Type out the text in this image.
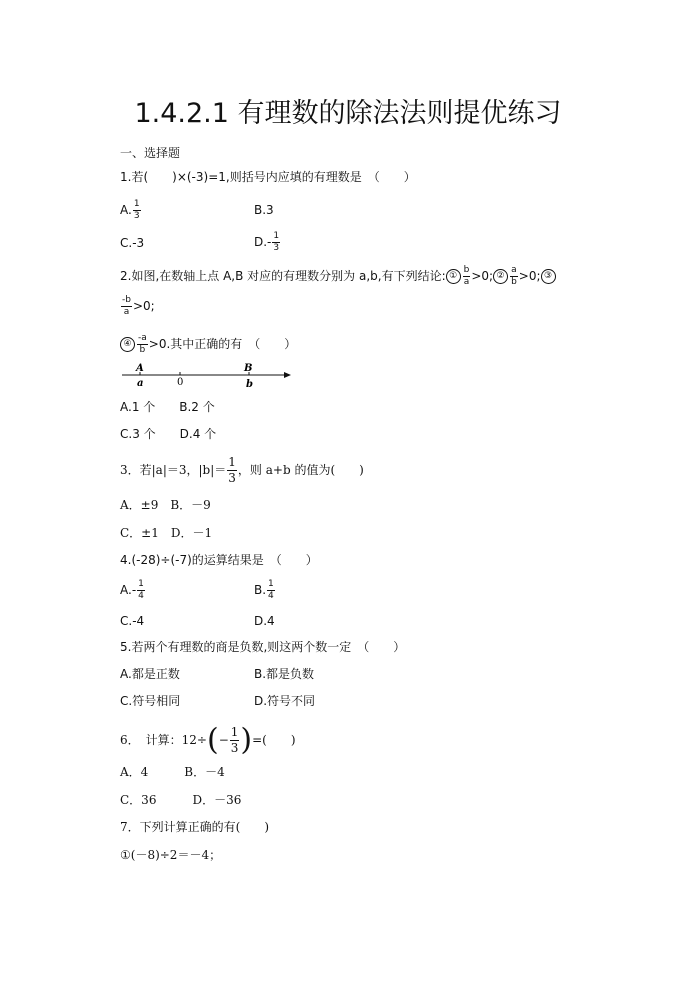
1.4.2.1 有理数的除法法则提优练习
一、选择题
1.若(　　)×(-3)=1,则括号内应填的有理数是　（　　）
A. $\frac{1}{3}$	B.3
C.-3	$D.- \frac{1}{3}$
2.如图,在数轴上点 A,B 对应的有理数分别为 a,b,有下列结论: ① $\frac{b}{a} >0$; ② $\frac{a}{b} >0$; ③
$\frac{-b}{a} >0$;
④ $\frac{-a}{b} >0$.其中正确的有　（　　）
A
a	0
B
b
A.1 个　　B.2 个
C.3 个　　D.4 个
3．若|a|＝3，$|b|= \frac{1}{3}$ ，则 a+b 的值为(　　)
A．±9　B．－9
C．±1　D．－1
4.(-28)÷(-7)的运算结果是　（　　）
$A.- \frac{1}{4}$	B. $\frac{1}{4}$
C.-4	D.4
5.若两个有理数的商是负数,则这两个数一定　（　　）
A.都是正数	B.都是负数
C.符号相同	D.符号不同
6．　计算：$12\div(- \frac{1}{3}$ )=(　　)
A．4　　　B．－4
C．36　　　D．－36
7．下列计算正确的有(　　)
①(－8)÷2＝－4；
